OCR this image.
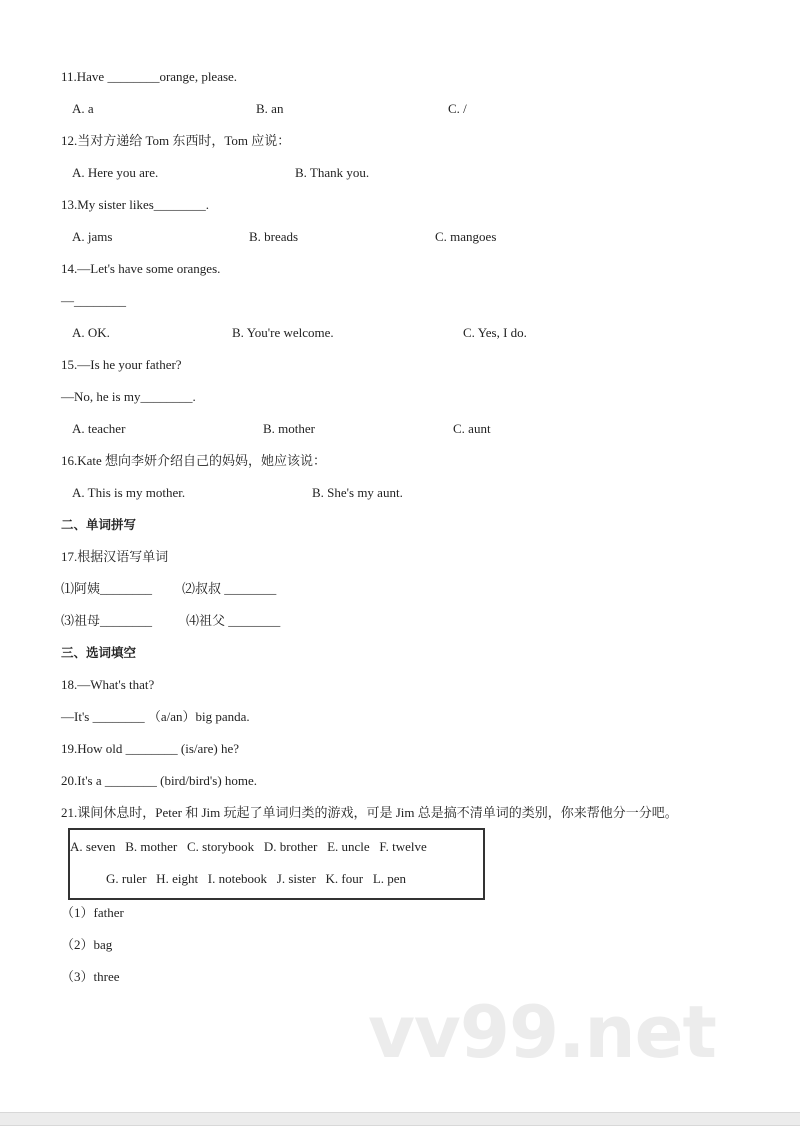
11.Have ________orange, please.
A. a	B. an	C. /
12.当对方递给 Tom 东西时，Tom 应说：
A. Here you are.	B. Thank you.
13.My sister likes________.
A. jams	B. breads	C. mangoes
14.—Let's have some oranges.
—________
A. OK.	B. You're welcome.	C. Yes, I do.
15.—Is he your father?
—No, he is my________.
A. teacher	B. mother	C. aunt
16.Kate 想向李妍介绍自己的妈妈，她应该说：
A. This is my mother.	B. She's my aunt.
二、单词拼写
17.根据汉语写单词
⑴阿姨________ ⑵叔叔 ________
⑶祖母________	⑷祖父 ________
三、选词填空
18.—What's that?
—It's ________ （a/an）big panda.
19.How old ________ (is/are) he?
20.It's a ________ (bird/bird's) home.
21.课间休息时，Peter 和 Jim 玩起了单词归类的游戏，可是 Jim 总是搞不清单词的类别，你来帮他分一分吧。
A. seven   B. mother   C. storybook   D. brother   E. uncle   F. twelve
G. ruler   H. eight   I. notebook   J. sister   K. four   L. pen
（1）father
（2）bag
（3）three
vv99.net
